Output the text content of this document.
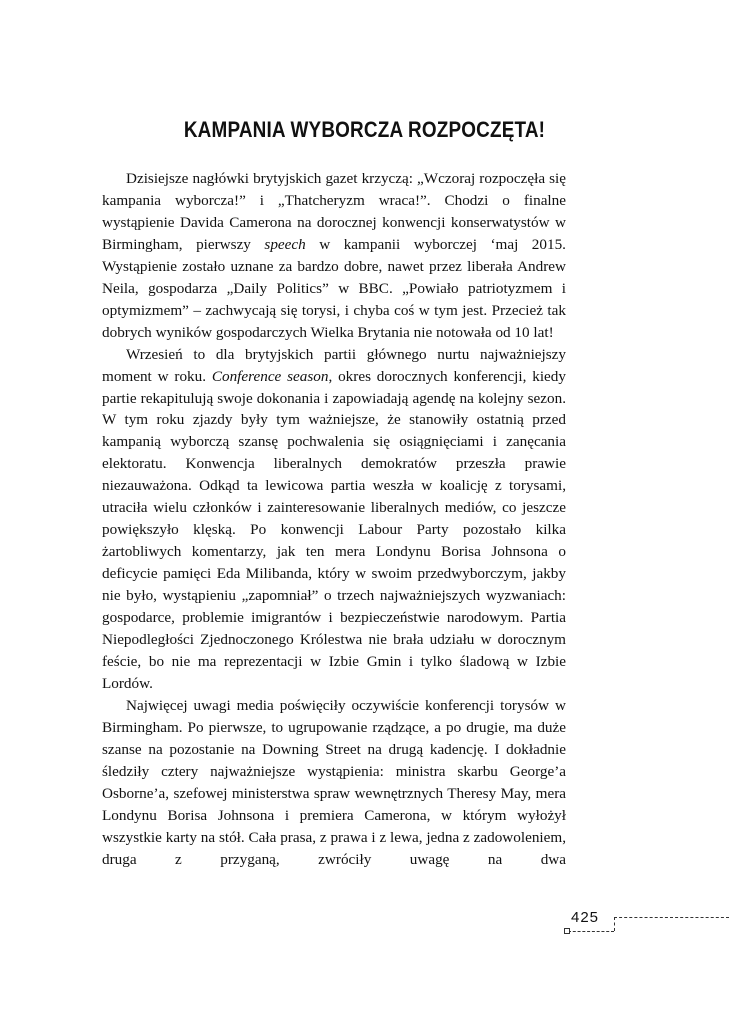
KAMPANIA WYBORCZA ROZPOCZĘTA!

Dzisiejsze nagłówki brytyjskich gazet krzyczą: „Wczoraj rozpoczęła się kampania wyborcza!” i „Thatcheryzm wraca!”. Chodzi o finalne wystąpienie Davida Camerona na dorocznej konwencji konserwatystów w Birmingham, pierwszy speech w kampanii wyborczej ‘maj 2015. Wystąpienie zostało uznane za bardzo dobre, nawet przez liberała Andrew Neila, gospodarza „Daily Politics” w BBC. „Powiało patriotyzmem i optymizmem” – zachwycają się torysi, i chyba coś w tym jest. Przecież tak dobrych wyników gospodarczych Wielka Brytania nie notowała od 10 lat!

Wrzesień to dla brytyjskich partii głównego nurtu najważniejszy moment w roku. Conference season, okres dorocznych konferencji, kiedy partie rekapitulują swoje dokonania i zapowiadają agendę na kolejny sezon. W tym roku zjazdy były tym ważniejsze, że stanowiły ostatnią przed kampanią wyborczą szansę pochwalenia się osiągnięciami i zanęcania elektoratu. Konwencja liberalnych demokratów przeszła prawie niezauważona. Odkąd ta lewicowa partia weszła w koalicję z torysami, utraciła wielu członków i zainteresowanie liberalnych mediów, co jeszcze powiększyło klęską. Po konwencji Labour Party pozostało kilka żartobliwych komentarzy, jak ten mera Londynu Borisa Johnsona o deficycie pamięci Eda Milibanda, który w swoim przedwyborczym, jakby nie było, wystąpieniu „zapomniał” o trzech najważniejszych wyzwaniach: gospodarce, problemie imigrantów i bezpieczeństwie narodowym. Partia Niepodległości Zjednoczonego Królestwa nie brała udziału w dorocznym feście, bo nie ma reprezentacji w Izbie Gmin i tylko śladową w Izbie Lordów.

Najwięcej uwagi media poświęciły oczywiście konferencji torysów w Birmingham. Po pierwsze, to ugrupowanie rządzące, a po drugie, ma duże szanse na pozostanie na Downing Street na drugą kadencję. I dokładnie śledziły cztery najważniejsze wystąpienia: ministra skarbu George’a Osborne’a, szefowej ministerstwa spraw wewnętrznych Theresy May, mera Londynu Borisa Johnsona i premiera Camerona, w którym wyłożył wszystkie karty na stół. Cała prasa, z prawa i z lewa, jedna z zadowoleniem, druga z przyganą, zwróciły uwagę na dwa

425
